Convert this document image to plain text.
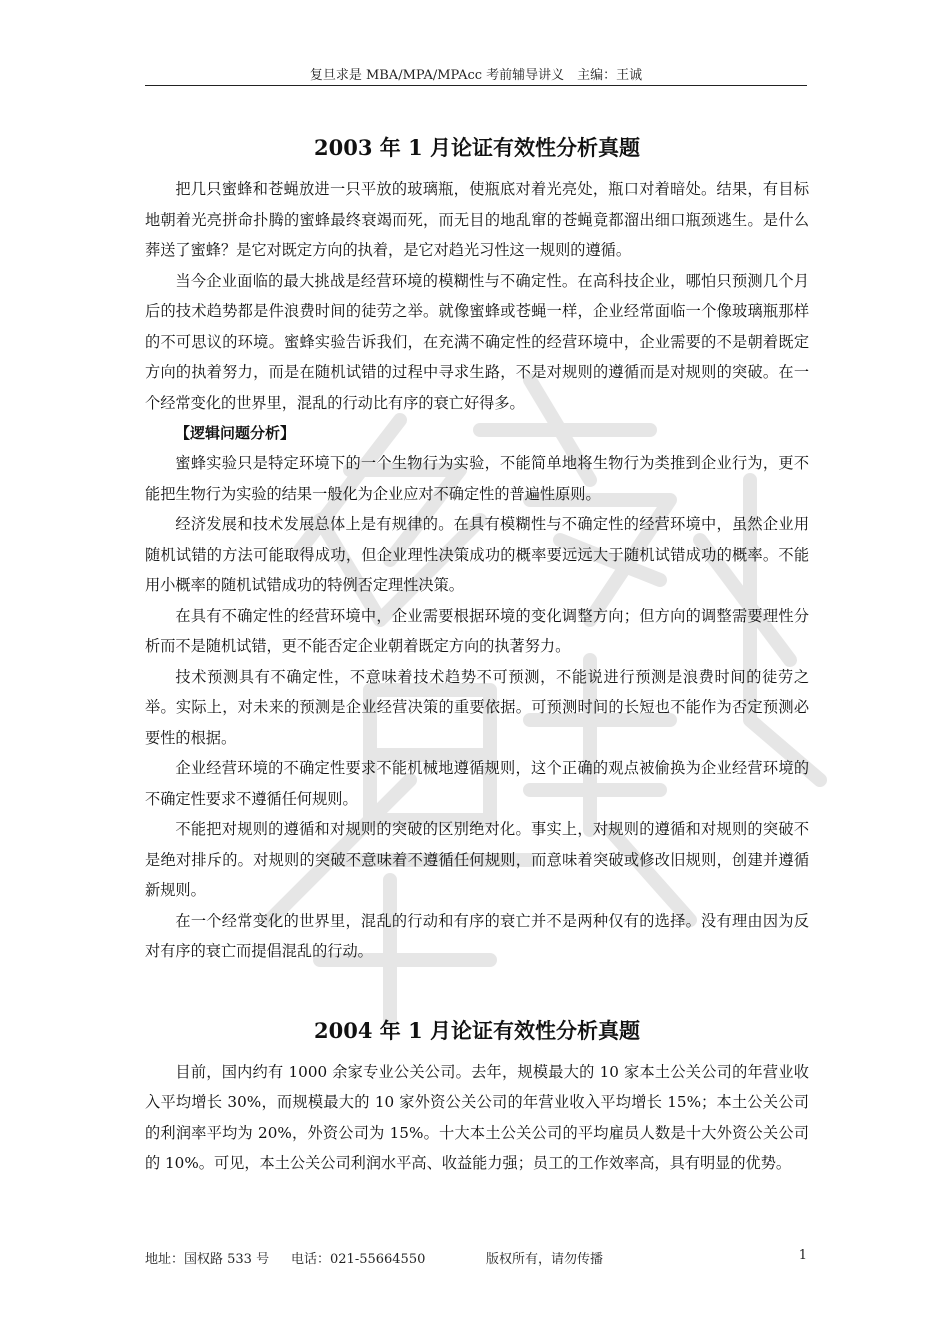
复旦求是 MBA/MPA/MPAcc 考前辅导讲义　主编：王诚
2003 年 1 月论证有效性分析真题

把几只蜜蜂和苍蝇放进一只平放的玻璃瓶，使瓶底对着光亮处，瓶口对着暗处。结果，有目标地朝着光亮拼命扑腾的蜜蜂最终衰竭而死，而无目的地乱窜的苍蝇竟都溜出细口瓶颈逃生。是什么葬送了蜜蜂？是它对既定方向的执着，是它对趋光习性这一规则的遵循。

当今企业面临的最大挑战是经营环境的模糊性与不确定性。在高科技企业，哪怕只预测几个月后的技术趋势都是件浪费时间的徒劳之举。就像蜜蜂或苍蝇一样，企业经常面临一个像玻璃瓶那样的不可思议的环境。蜜蜂实验告诉我们，在充满不确定性的经营环境中，企业需要的不是朝着既定方向的执着努力，而是在随机试错的过程中寻求生路，不是对规则的遵循而是对规则的突破。在一个经常变化的世界里，混乱的行动比有序的衰亡好得多。

【逻辑问题分析】

蜜蜂实验只是特定环境下的一个生物行为实验，不能简单地将生物行为类推到企业行为，更不能把生物行为实验的结果一般化为企业应对不确定性的普遍性原则。

经济发展和技术发展总体上是有规律的。在具有模糊性与不确定性的经营环境中，虽然企业用随机试错的方法可能取得成功，但企业理性决策成功的概率要远远大于随机试错成功的概率。不能用小概率的随机试错成功的特例否定理性决策。

在具有不确定性的经营环境中，企业需要根据环境的变化调整方向；但方向的调整需要理性分析而不是随机试错，更不能否定企业朝着既定方向的执著努力。

技术预测具有不确定性，不意味着技术趋势不可预测，不能说进行预测是浪费时间的徒劳之举。实际上，对未来的预测是企业经营决策的重要依据。可预测时间的长短也不能作为否定预测必要性的根据。

企业经营环境的不确定性要求不能机械地遵循规则，这个正确的观点被偷换为企业经营环境的不确定性要求不遵循任何规则。

不能把对规则的遵循和对规则的突破的区别绝对化。事实上，对规则的遵循和对规则的突破不是绝对排斥的。对规则的突破不意味着不遵循任何规则，而意味着突破或修改旧规则，创建并遵循新规则。

在一个经常变化的世界里，混乱的行动和有序的衰亡并不是两种仅有的选择。没有理由因为反对有序的衰亡而提倡混乱的行动。

2004 年 1 月论证有效性分析真题

目前，国内约有 1000 余家专业公关公司。去年，规模最大的 10 家本土公关公司的年营业收入平均增长 30%，而规模最大的 10 家外资公关公司的年营业收入平均增长 15%；本土公关公司的利润率平均为 20%，外资公司为 15%。十大本土公关公司的平均雇员人数是十大外资公关公司的 10%。可见，本土公关公司利润水平高、收益能力强；员工的工作效率高，具有明显的优势。

地址：国权路 533 号 电话：021-55664550	版权所有，请勿传播	1
